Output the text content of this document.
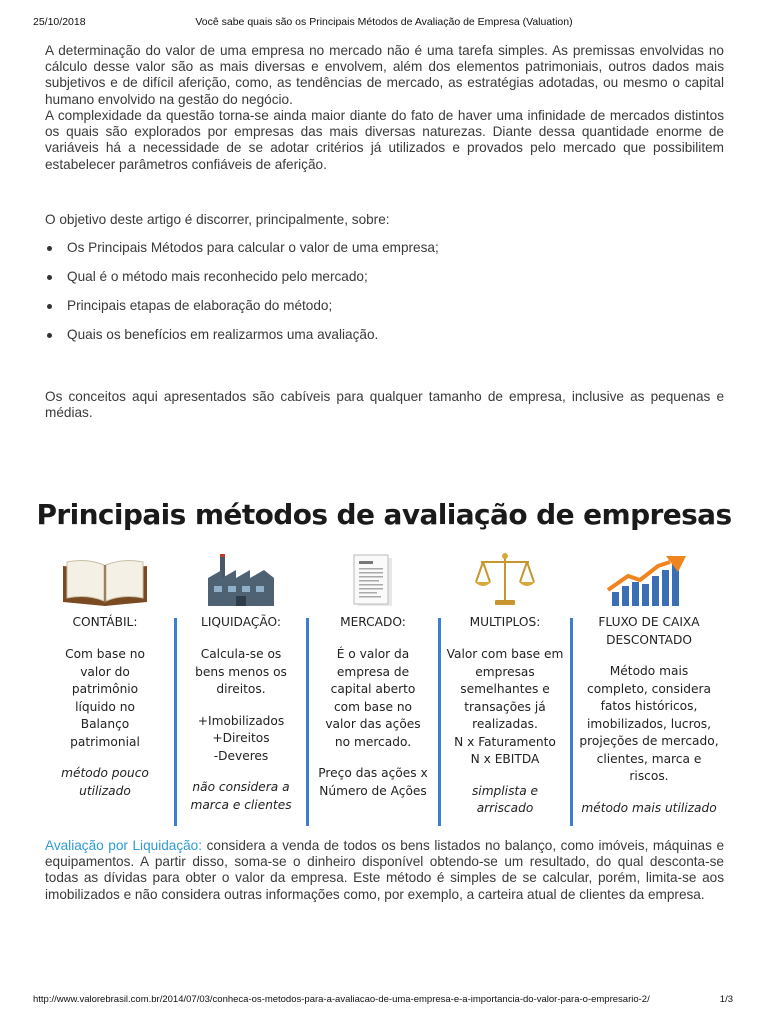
25/10/2018	Você sabe quais são os Principais Métodos de Avaliação de Empresa (Valuation)

A determinação do valor de uma empresa no mercado não é uma tarefa simples. As premissas envolvidas no cálculo desse valor são as mais diversas e envolvem, além dos elementos patrimoniais, outros dados mais subjetivos e de difícil aferição, como, as tendências de mercado, as estratégias adotadas, ou mesmo o capital humano envolvido na gestão do negócio.

A complexidade da questão torna-se ainda maior diante do fato de haver uma infinidade de mercados distintos os quais são explorados por empresas das mais diversas naturezas. Diante dessa quantidade enorme de variáveis há a necessidade de se adotar critérios já utilizados e provados pelo mercado que possibilitem estabelecer parâmetros confiáveis de aferição.

O objetivo deste artigo é discorrer, principalmente, sobre:

Os Principais Métodos para calcular o valor de uma empresa;
Qual é o método mais reconhecido pelo mercado;
Principais etapas de elaboração do método;
Quais os benefícios em realizarmos uma avaliação.

Os conceitos aqui apresentados são cabíveis para qualquer tamanho de empresa, inclusive as pequenas e médias.

Principais métodos de avaliação de empresas
CONTÁBIL:
Com base no
valor do
patrimônio
líquido no
Balanço
patrimonial
método pouco
utilizado
LIQUIDAÇÃO:
Calcula-se os
bens menos os
direitos.
+Imobilizados
+Direitos
-Deveres
não considera a
marca e clientes
MERCADO:
É o valor da
empresa de
capital aberto
com base no
valor das ações
no mercado.
Preço das ações x
Número de Ações
MULTIPLOS:
Valor com base em
empresas
semelhantes e
transações já
realizadas.
N x Faturamento
N x EBITDA
simplista e
arriscado
FLUXO DE CAIXA
DESCONTADO
Método mais
completo, considera
fatos históricos,
imobilizados, lucros,
projeções de mercado,
clientes, marca e
riscos.
método mais utilizado

Avaliação por Liquidação: considera a venda de todos os bens listados no balanço, como imóveis, máquinas e equipamentos. A partir disso, soma-se o dinheiro disponível obtendo-se um resultado, do qual desconta-se todas as dívidas para obter o valor da empresa. Este método é simples de se calcular, porém, limita-se aos imobilizados e não considera outras informações como, por exemplo, a carteira atual de clientes da empresa.

http://www.valorebrasil.com.br/2014/07/03/conheca-os-metodos-para-a-avaliacao-de-uma-empresa-e-a-importancia-do-valor-para-o-empresario-2/	1/3
